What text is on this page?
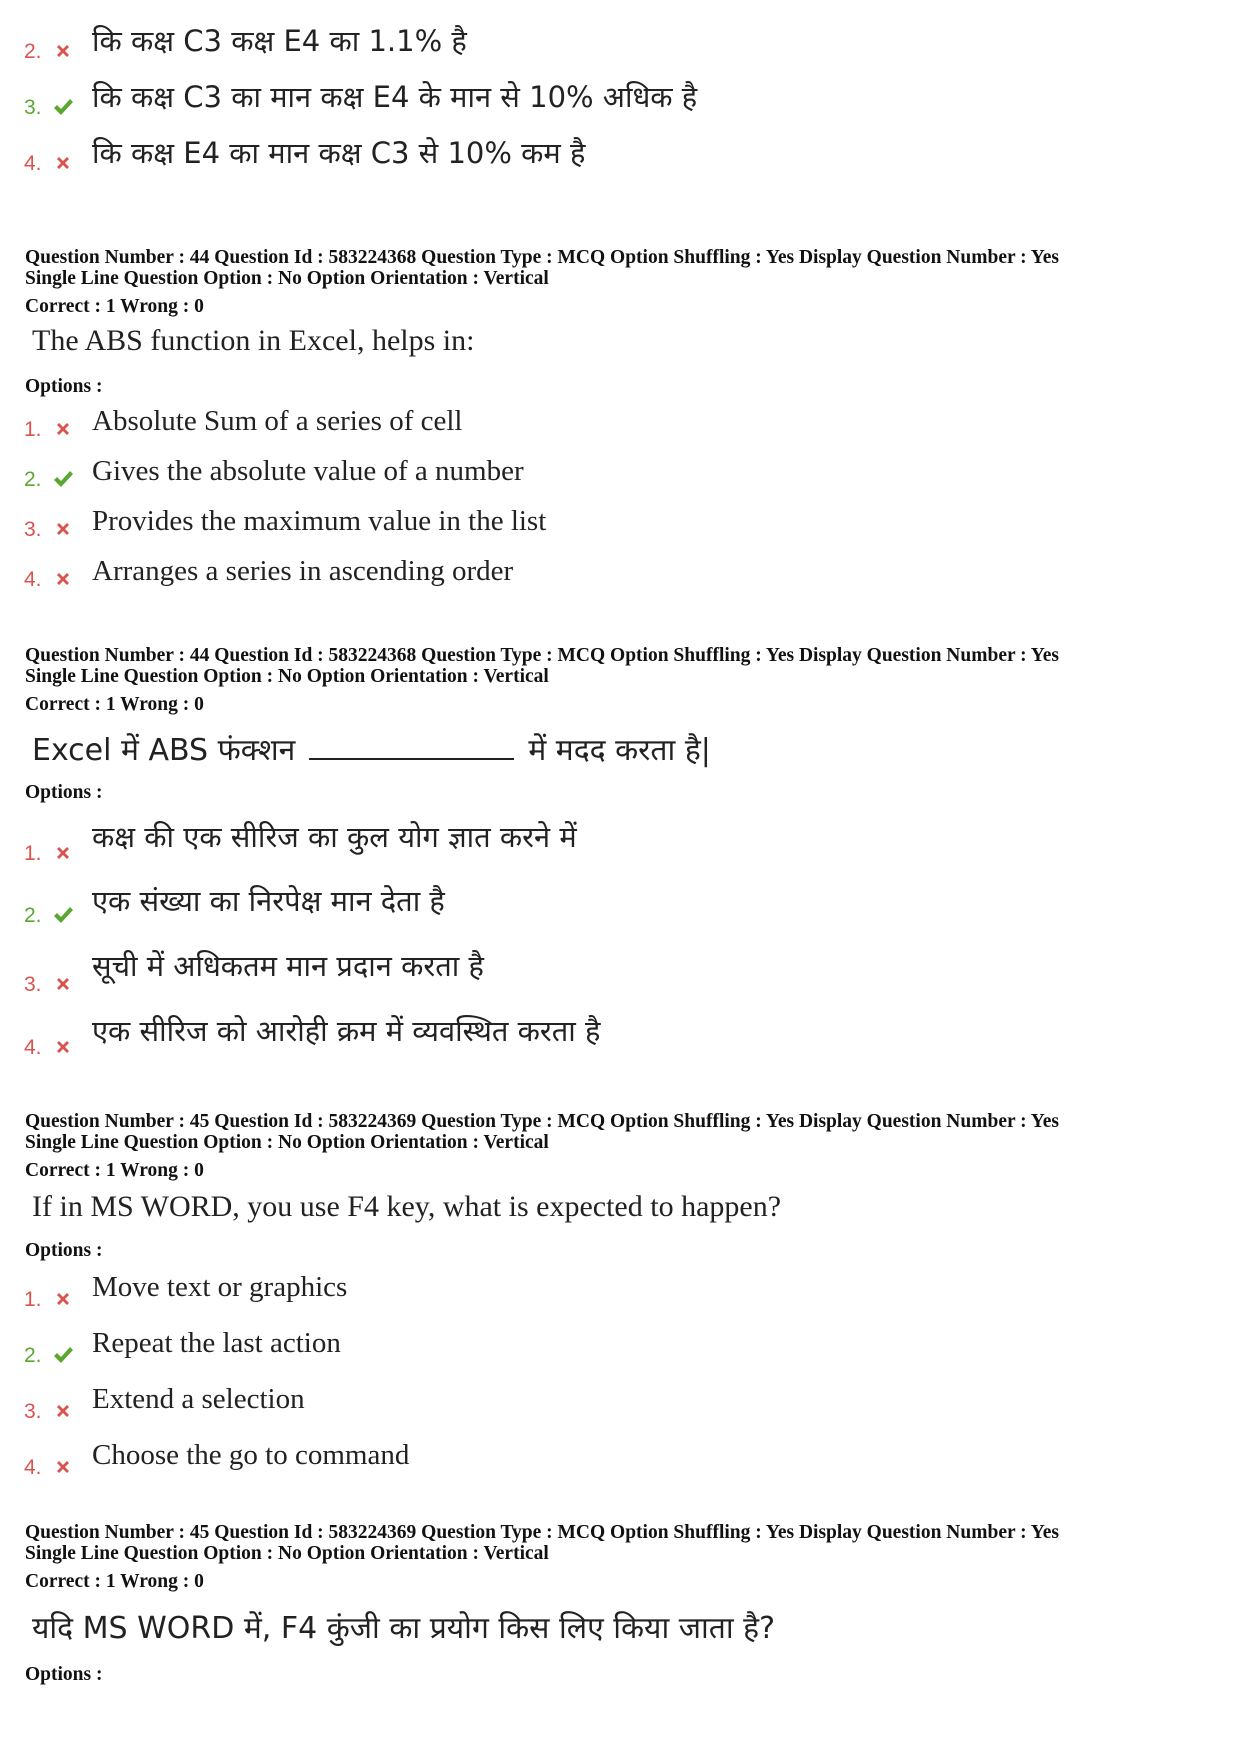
2. कि कक्ष C3 कक्ष E4 का 1.1% है
3. कि कक्ष C3 का मान कक्ष E4 के मान से 10% अधिक है
4. कि कक्ष E4 का मान कक्ष C3 से 10% कम है
Question Number : 44 Question Id : 583224368 Question Type : MCQ Option Shuffling : Yes Display Question Number : Yes
Single Line Question Option : No Option Orientation : Vertical
Correct : 1 Wrong : 0
The ABS function in Excel, helps in:
Options :
1. Absolute Sum of a series of cell
2. Gives the absolute value of a number
3. Provides the maximum value in the list
4. Arranges a series in ascending order
Question Number : 44 Question Id : 583224368 Question Type : MCQ Option Shuffling : Yes Display Question Number : Yes
Single Line Question Option : No Option Orientation : Vertical
Correct : 1 Wrong : 0
Excel में ABS फंक्शन	में मदद करता है|
Options :
1. कक्ष की एक सीरिज का कुल योग ज्ञात करने में
2. एक संख्या का निरपेक्ष मान देता है
3.
सूची में अधिकतम मान प्रदान करता है
4. एक सीरिज को आरोही क्रम में व्यवस्थित करता है
Question Number : 45 Question Id : 583224369 Question Type : MCQ Option Shuffling : Yes Display Question Number : Yes
Single Line Question Option : No Option Orientation : Vertical
Correct : 1 Wrong : 0
If in MS WORD, you use F4 key, what is expected to happen?
Options :
1. Move text or graphics
2. Repeat the last action
3. Extend a selection
4. Choose the go to command
Question Number : 45 Question Id : 583224369 Question Type : MCQ Option Shuffling : Yes Display Question Number : Yes
Single Line Question Option : No Option Orientation : Vertical
Correct : 1 Wrong : 0
यदि MS WORD में, F4 कुंजी का प्रयोग किस लिए किया जाता है?
Options :
